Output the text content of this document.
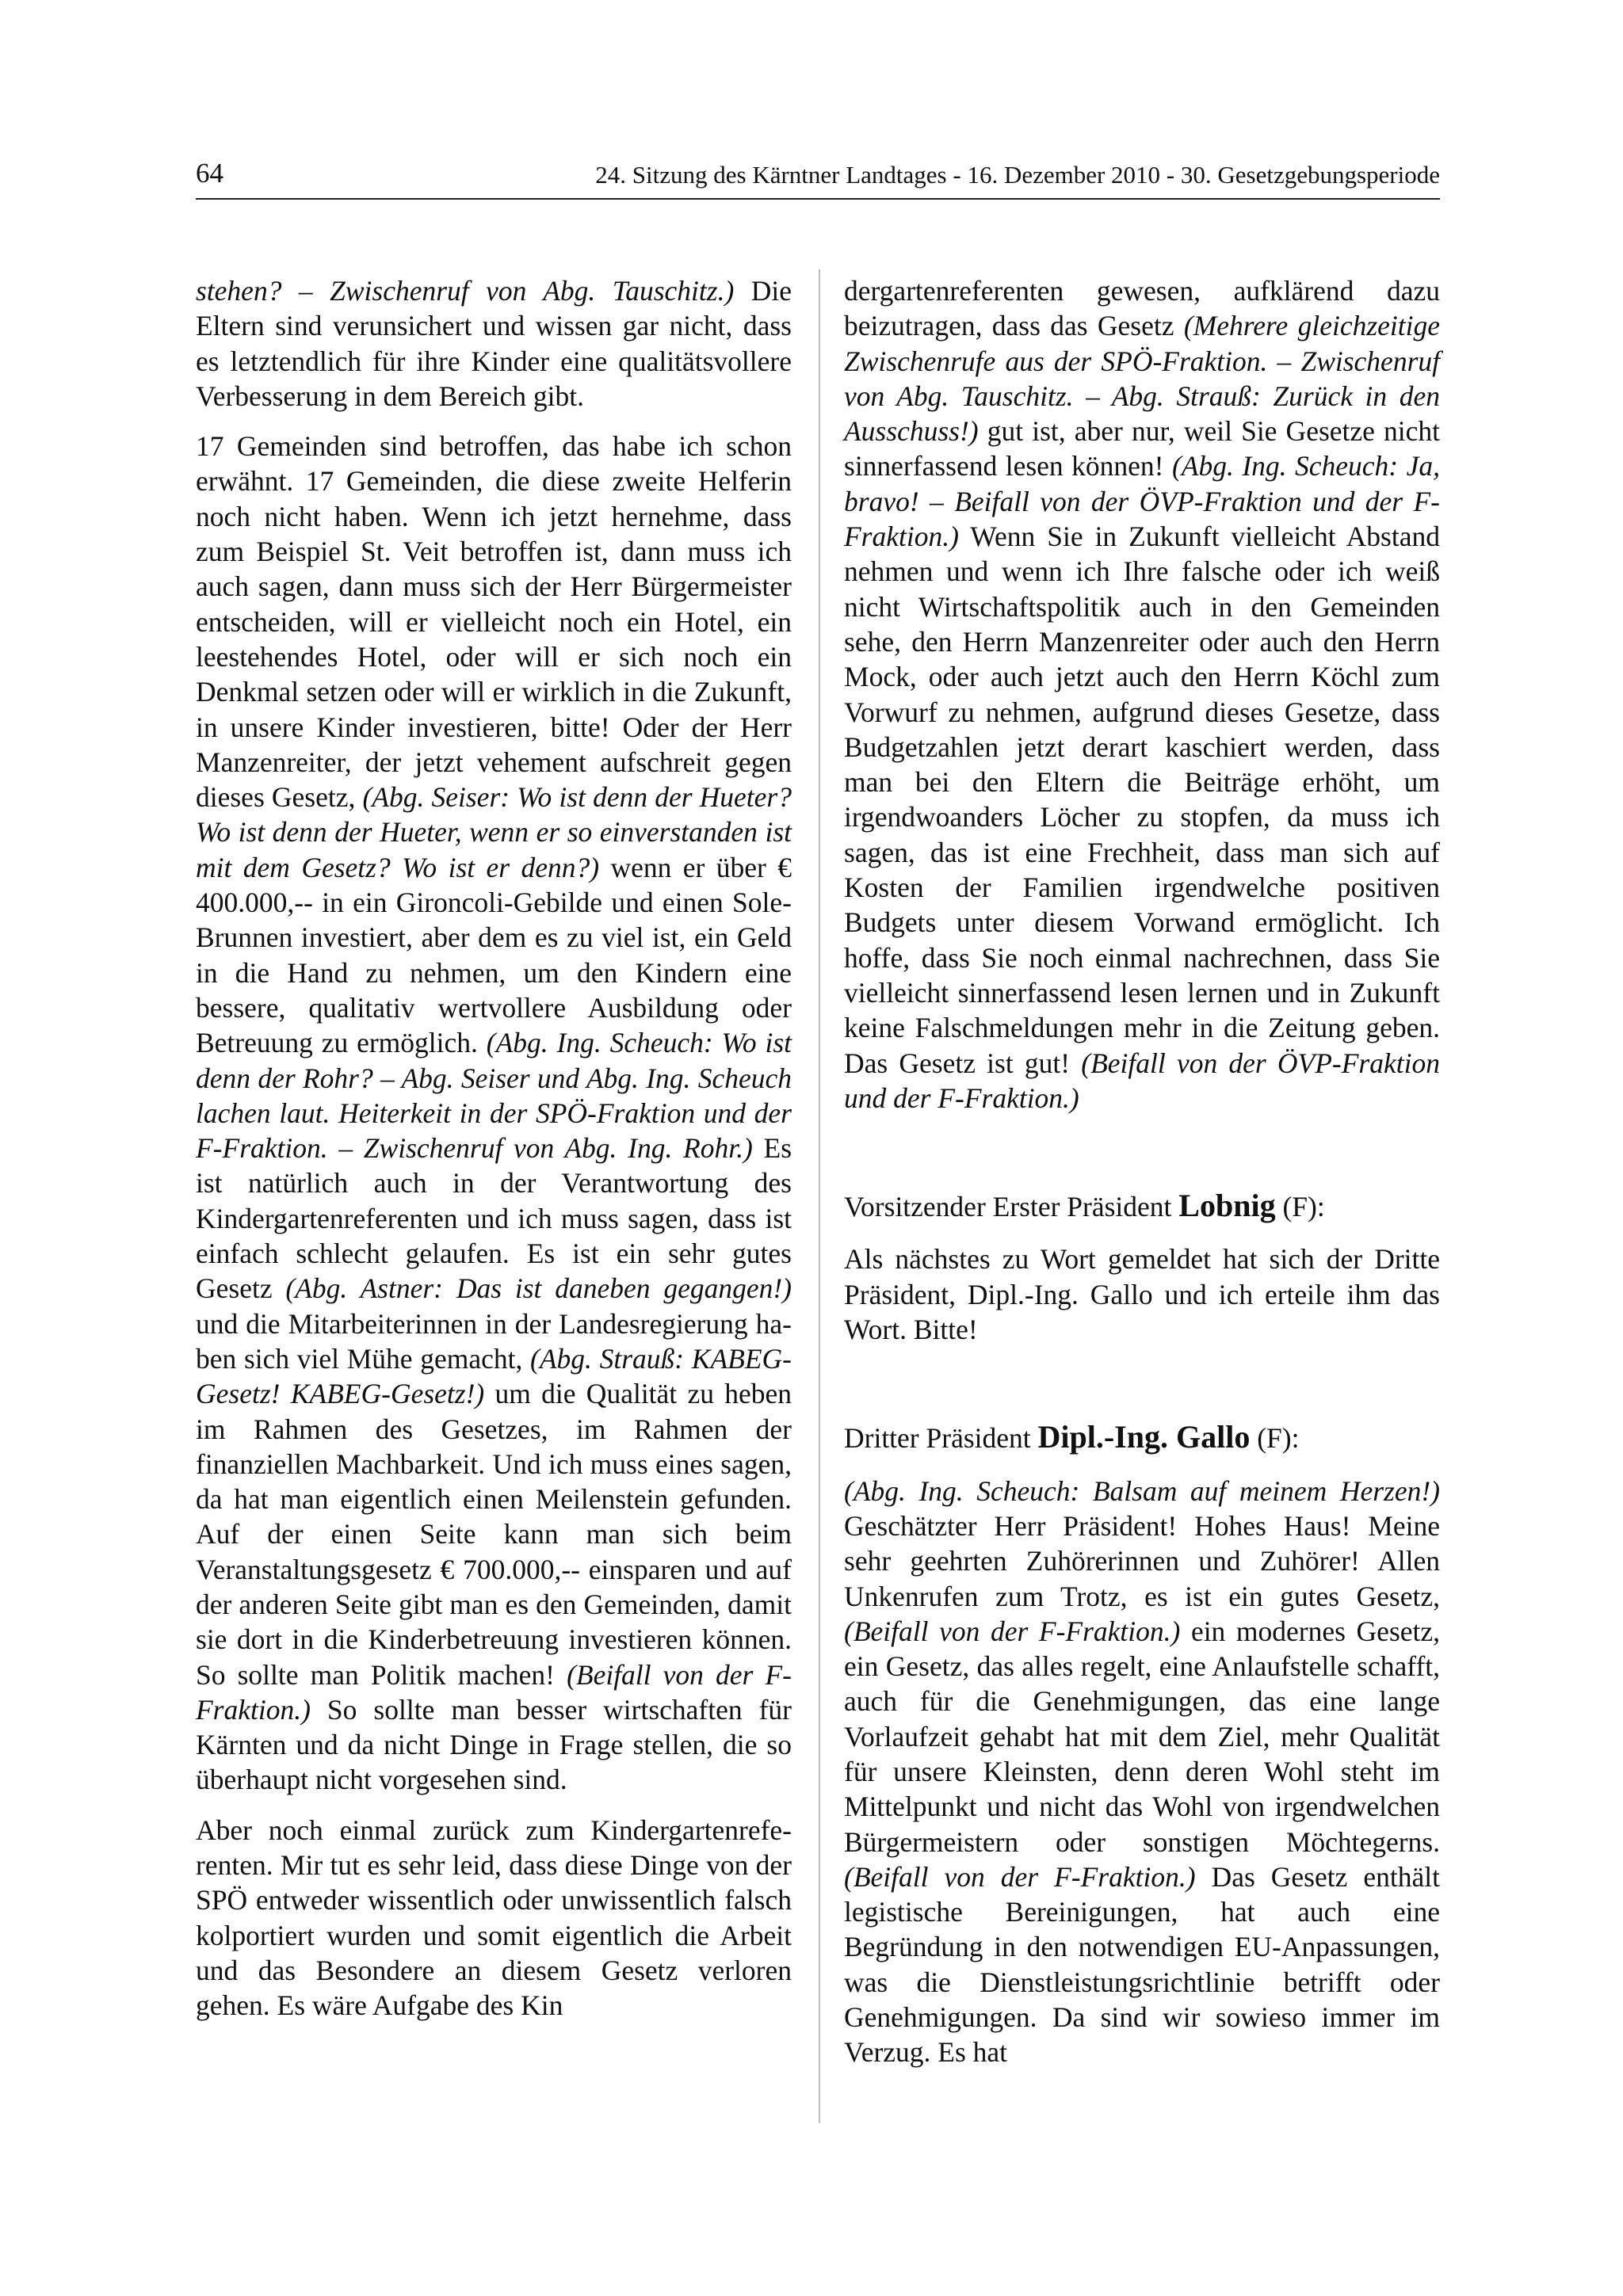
64	24. Sitzung des Kärntner Landtages - 16. Dezember 2010 - 30. Gesetzgebungsperiode

stehen? – Zwischenruf von Abg. Tauschitz.) Die Eltern sind verunsichert und wissen gar nicht, dass es letztendlich für ihre Kinder eine qualitätsvollere Verbesserung in dem Bereich gibt.

17 Gemeinden sind betroffen, das habe ich schon erwähnt. 17 Gemeinden, die diese zweite Helferin noch nicht haben. Wenn ich jetzt hernehme, dass zum Beispiel St. Veit betroffen ist, dann muss ich auch sagen, dann muss sich der Herr Bürgermeister entscheiden, will er vielleicht noch ein Hotel, ein leestehendes Hotel, oder will er sich noch ein Denkmal setzen oder will er wirklich in die Zukunft, in unsere Kinder investieren, bitte! Oder der Herr Manzenreiter, der jetzt vehement aufschreit gegen dieses Gesetz, (Abg. Seiser: Wo ist denn der Hueter? Wo ist denn der Hueter, wenn er so einverstanden ist mit dem Gesetz? Wo ist er denn?) wenn er über € 400.000,-- in ein Gironcoli-Gebilde und einen Sole-Brunnen investiert, aber dem es zu viel ist, ein Geld in die Hand zu nehmen, um den Kindern eine bessere, qualitativ wertvollere Ausbildung oder Betreuung zu ermöglich. (Abg. Ing. Scheuch: Wo ist denn der Rohr? – Abg. Seiser und Abg. Ing. Scheuch lachen laut. Heiterkeit in der SPÖ-Fraktion und der F-Fraktion. – Zwischenruf von Abg. Ing. Rohr.) Es ist natürlich auch in der Verantwortung des Kindergartenreferenten und ich muss sagen, dass ist einfach schlecht gelaufen. Es ist ein sehr gutes Gesetz (Abg. Astner: Das ist daneben gegangen!) und die Mitarbeiterinnen in der Landesregierung haben sich viel Mühe gemacht, (Abg. Strauß: KABEG-Gesetz! KABEG-Gesetz!) um die Qualität zu heben im Rahmen des Gesetzes, im Rahmen der finanziellen Machbarkeit. Und ich muss eines sagen, da hat man eigentlich einen Meilenstein gefunden. Auf der einen Seite kann man sich beim Veranstaltungsgesetz € 700.000,-- einsparen und auf der anderen Seite gibt man es den Gemeinden, damit sie dort in die Kinderbetreuung investieren können. So sollte man Politik machen! (Beifall von der F-Fraktion.) So sollte man besser wirtschaften für Kärnten und da nicht Dinge in Frage stellen, die so überhaupt nicht vorgesehen sind.

Aber noch einmal zurück zum Kindergartenreferenten. Mir tut es sehr leid, dass diese Dinge von der SPÖ entweder wissentlich oder unwissentlich falsch kolportiert wurden und somit eigentlich die Arbeit und das Besondere an diesem Gesetz verloren gehen. Es wäre Aufgabe des Kin

dergartenreferenten gewesen, aufklärend dazu beizutragen, dass das Gesetz (Mehrere gleichzeitige Zwischenrufe aus der SPÖ-Fraktion. – Zwischenruf von Abg. Tauschitz. – Abg. Strauß: Zurück in den Ausschuss!) gut ist, aber nur, weil Sie Gesetze nicht sinnerfassend lesen können! (Abg. Ing. Scheuch: Ja, bravo! – Beifall von der ÖVP-Fraktion und der F-Fraktion.) Wenn Sie in Zukunft vielleicht Abstand nehmen und wenn ich Ihre falsche oder ich weiß nicht Wirtschaftspolitik auch in den Gemeinden sehe, den Herrn Manzenreiter oder auch den Herrn Mock, oder auch jetzt auch den Herrn Köchl zum Vorwurf zu nehmen, aufgrund dieses Gesetze, dass Budgetzahlen jetzt derart kaschiert werden, dass man bei den Eltern die Beiträge erhöht, um irgendwoanders Löcher zu stopfen, da muss ich sagen, das ist eine Frechheit, dass man sich auf Kosten der Familien irgendwelche positiven Budgets unter diesem Vorwand ermöglicht. Ich hoffe, dass Sie noch einmal nachrechnen, dass Sie vielleicht sinnerfassend lesen lernen und in Zukunft keine Falschmeldungen mehr in die Zeitung geben. Das Gesetz ist gut! (Beifall von der ÖVP-Fraktion und der F-Fraktion.)

Vorsitzender Erster Präsident Lobnig (F):

Als nächstes zu Wort gemeldet hat sich der Dritte Präsident, Dipl.-Ing. Gallo und ich erteile ihm das Wort. Bitte!

Dritter Präsident Dipl.-Ing. Gallo (F):

(Abg. Ing. Scheuch: Balsam auf meinem Herzen!) Geschätzter Herr Präsident! Hohes Haus! Meine sehr geehrten Zuhörerinnen und Zuhörer! Allen Unkenrufen zum Trotz, es ist ein gutes Gesetz, (Beifall von der F-Fraktion.) ein modernes Gesetz, ein Gesetz, das alles regelt, eine Anlaufstelle schafft, auch für die Genehmigungen, das eine lange Vorlaufzeit gehabt hat mit dem Ziel, mehr Qualität für unsere Kleinsten, denn deren Wohl steht im Mittelpunkt und nicht das Wohl von irgendwelchen Bürgermeistern oder sonstigen Möchtegerns. (Beifall von der F-Fraktion.) Das Gesetz enthält legistische Bereinigungen, hat auch eine Begründung in den notwendigen EU-Anpassungen, was die Dienstleistungsrichtlinie betrifft oder Genehmigungen. Da sind wir sowieso immer im Verzug. Es hat
